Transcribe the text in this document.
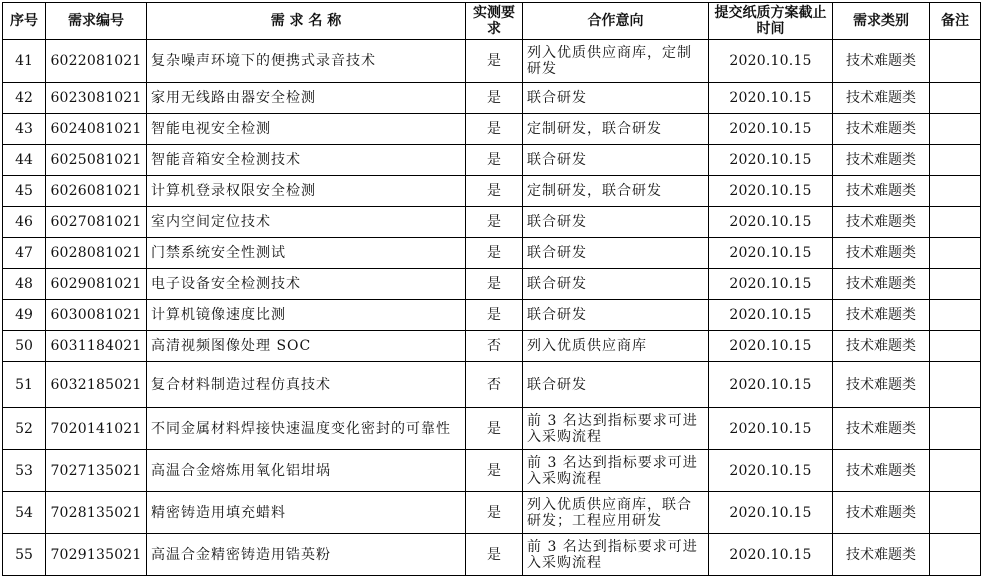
序号	需求编号	需 求 名 称	实测要求	合作意向	提交纸质方案截止时间	需求类别	备注
41	6022081021	复杂噪声环境下的便携式录音技术	是	列入优质供应商库，定制研发	2020.10.15	技术难题类	
42	6023081021	家用无线路由器安全检测	是	联合研发	2020.10.15	技术难题类	
43	6024081021	智能电视安全检测	是	定制研发，联合研发	2020.10.15	技术难题类	
44	6025081021	智能音箱安全检测技术	是	联合研发	2020.10.15	技术难题类	
45	6026081021	计算机登录权限安全检测	是	定制研发，联合研发	2020.10.15	技术难题类	
46	6027081021	室内空间定位技术	是	联合研发	2020.10.15	技术难题类	
47	6028081021	门禁系统安全性测试	是	联合研发	2020.10.15	技术难题类	
48	6029081021	电子设备安全检测技术	是	联合研发	2020.10.15	技术难题类	
49	6030081021	计算机镜像速度比测	是	联合研发	2020.10.15	技术难题类	
50	6031184021	高清视频图像处理 SOC	否	列入优质供应商库	2020.10.15	技术难题类	
51	6032185021	复合材料制造过程仿真技术	否	联合研发	2020.10.15	技术难题类	
52	7020141021	不同金属材料焊接快速温度变化密封的可靠性	是	前 3 名达到指标要求可进入采购流程	2020.10.15	技术难题类	
53	7027135021	高温合金熔炼用氧化铝坩埚	是	前 3 名达到指标要求可进入采购流程	2020.10.15	技术难题类	
54	7028135021	精密铸造用填充蜡料	是	列入优质供应商库，联合研发；工程应用研发	2020.10.15	技术难题类	
55	7029135021	高温合金精密铸造用锆英粉	是	前 3 名达到指标要求可进入采购流程	2020.10.15	技术难题类	
